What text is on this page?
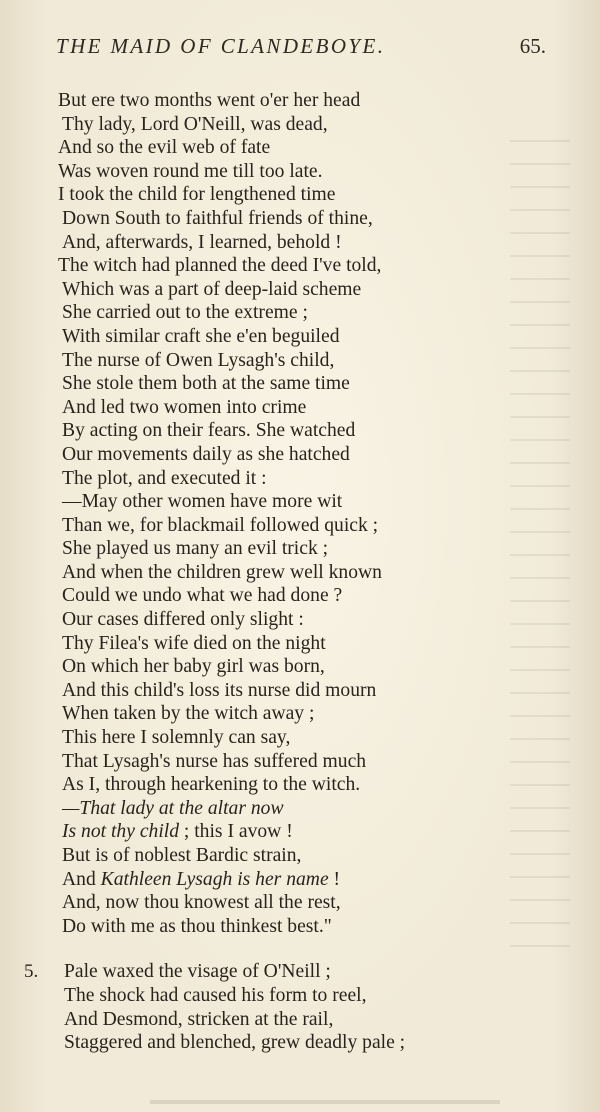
THE MAID OF CLANDEBOYE.	65.
But ere two months went o'er her head
Thy lady, Lord O'Neill, was dead,
And so the evil web of fate
Was woven round me till too late.
I took the child for lengthened time
Down South to faithful friends of thine,
And, afterwards, I learned, behold !
The witch had planned the deed I've told,
Which was a part of deep-laid scheme
She carried out to the extreme ;
With similar craft she e'en beguiled
The nurse of Owen Lysagh's child,
She stole them both at the same time
And led two women into crime
By acting on their fears. She watched
Our movements daily as she hatched
The plot, and executed it :
—May other women have more wit
Than we, for blackmail followed quick ;
She played us many an evil trick ;
And when the children grew well known
Could we undo what we had done ?
Our cases differed only slight :
Thy Filea's wife died on the night
On which her baby girl was born,
And this child's loss its nurse did mourn
When taken by the witch away ;
This here I solemnly can say,
That Lysagh's nurse has suffered much
As I, through hearkening to the witch.
—That lady at the altar now
Is not thy child ; this I avow !
But is of noblest Bardic strain,
And Kathleen Lysagh is her name !
And, now thou knowest all the rest,
Do with me as thou thinkest best."
5. Pale waxed the visage of O'Neill ;
The shock had caused his form to reel,
And Desmond, stricken at the rail,
Staggered and blenched, grew deadly pale ;
